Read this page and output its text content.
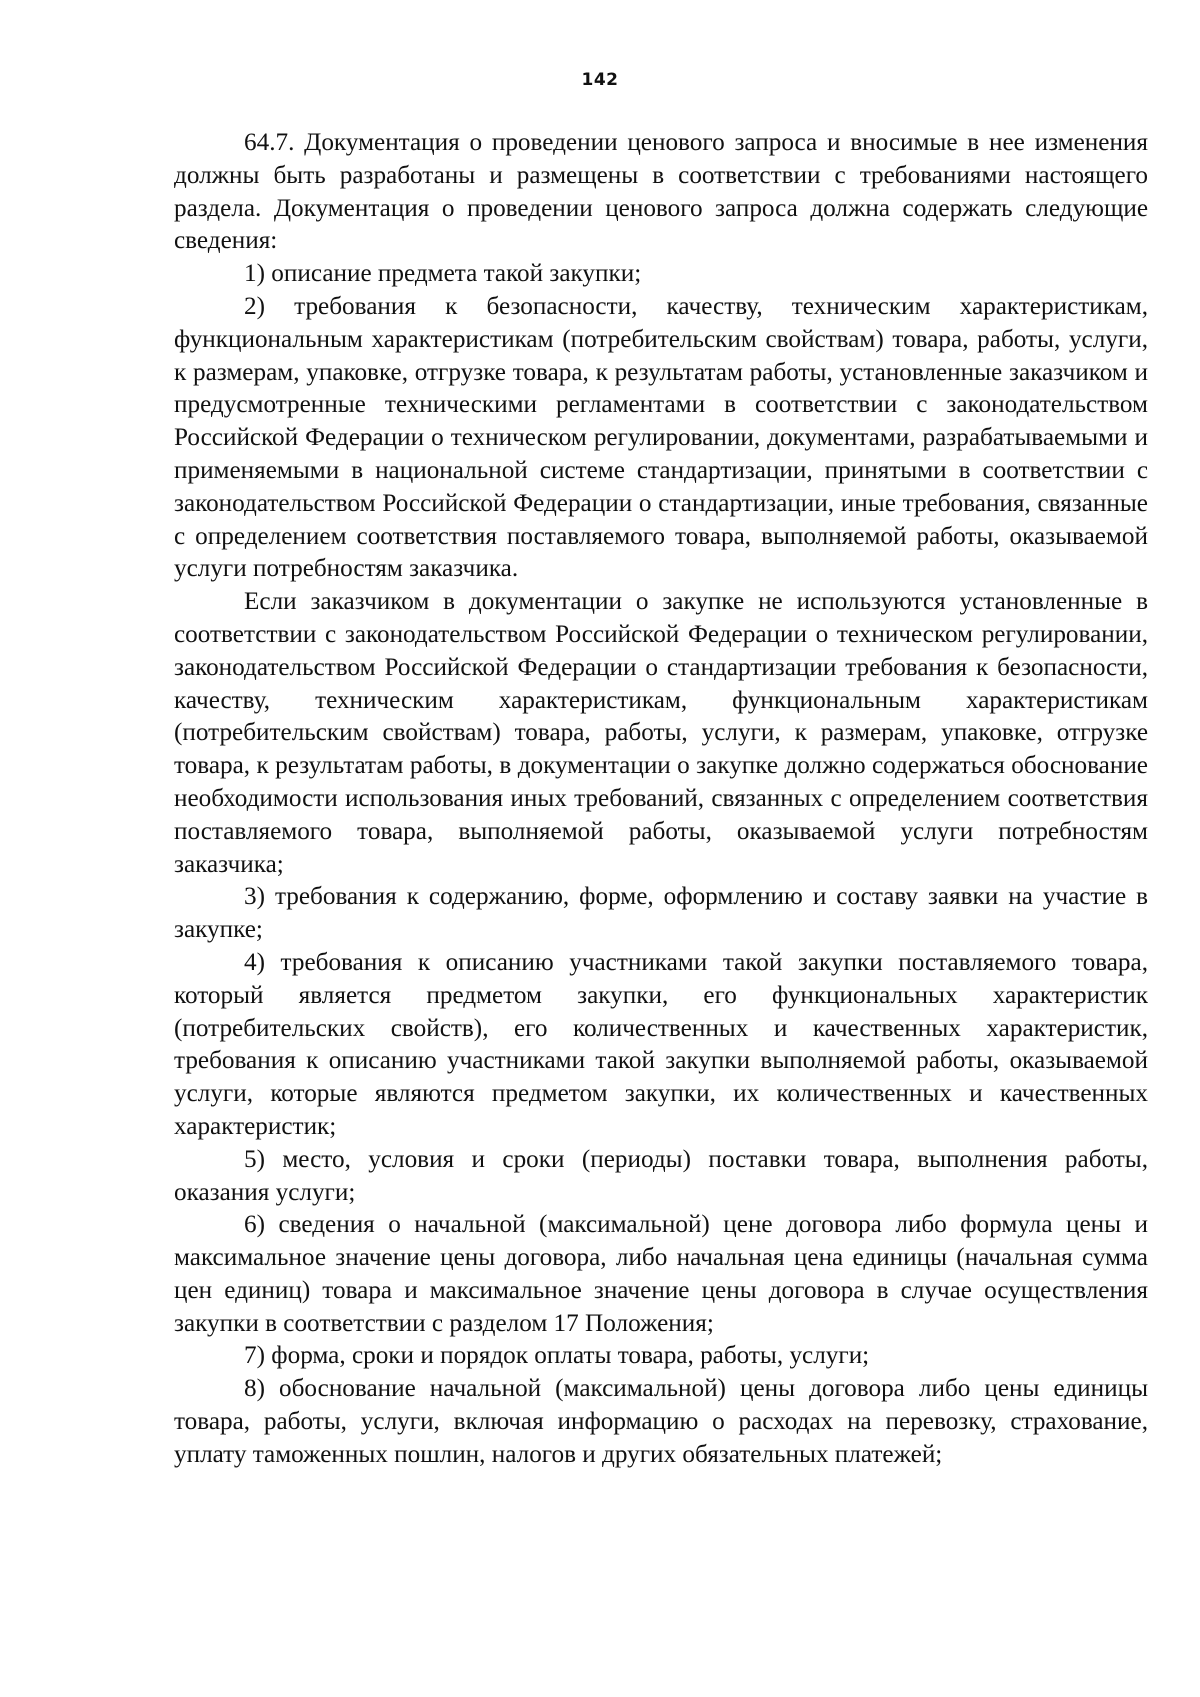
142

64.7. Документация о проведении ценового запроса и вносимые в нее изменения должны быть разработаны и размещены в соответствии с требованиями настоящего раздела. Документация о проведении ценового запроса должна содержать следующие сведения:

1) описание предмета такой закупки;

2) требования к безопасности, качеству, техническим характеристикам, функциональным характеристикам (потребительским свойствам) товара, работы, услуги, к размерам, упаковке, отгрузке товара, к результатам работы, установленные заказчиком и предусмотренные техническими регламентами в соответствии с законодательством Российской Федерации о техническом регулировании, документами, разрабатываемыми и применяемыми в национальной системе стандартизации, принятыми в соответствии с законодательством Российской Федерации о стандартизации, иные требования, связанные с определением соответствия поставляемого товара, выполняемой работы, оказываемой услуги потребностям заказчика.

Если заказчиком в документации о закупке не используются установленные в соответствии с законодательством Российской Федерации о техническом регулировании, законодательством Российской Федерации о стандартизации требования к безопасности, качеству, техническим характеристикам, функциональным характеристикам (потребительским свойствам) товара, работы, услуги, к размерам, упаковке, отгрузке товара, к результатам работы, в документации о закупке должно содержаться обоснование необходимости использования иных требований, связанных с определением соответствия поставляемого товара, выполняемой работы, оказываемой услуги потребностям заказчика;

3) требования к содержанию, форме, оформлению и составу заявки на участие в закупке;

4) требования к описанию участниками такой закупки поставляемого товара, который является предметом закупки, его функциональных характеристик (потребительских свойств), его количественных и качественных характеристик, требования к описанию участниками такой закупки выполняемой работы, оказываемой услуги, которые являются предметом закупки, их количественных и качественных характеристик;

5) место, условия и сроки (периоды) поставки товара, выполнения работы, оказания услуги;

6) сведения о начальной (максимальной) цене договора либо формула цены и максимальное значение цены договора, либо начальная цена единицы (начальная сумма цен единиц) товара и максимальное значение цены договора в случае осуществления закупки в соответствии с разделом 17 Положения;

7) форма, сроки и порядок оплаты товара, работы, услуги;

8) обоснование начальной (максимальной) цены договора либо цены единицы товара, работы, услуги, включая информацию о расходах на перевозку, страхование, уплату таможенных пошлин, налогов и других обязательных платежей;
